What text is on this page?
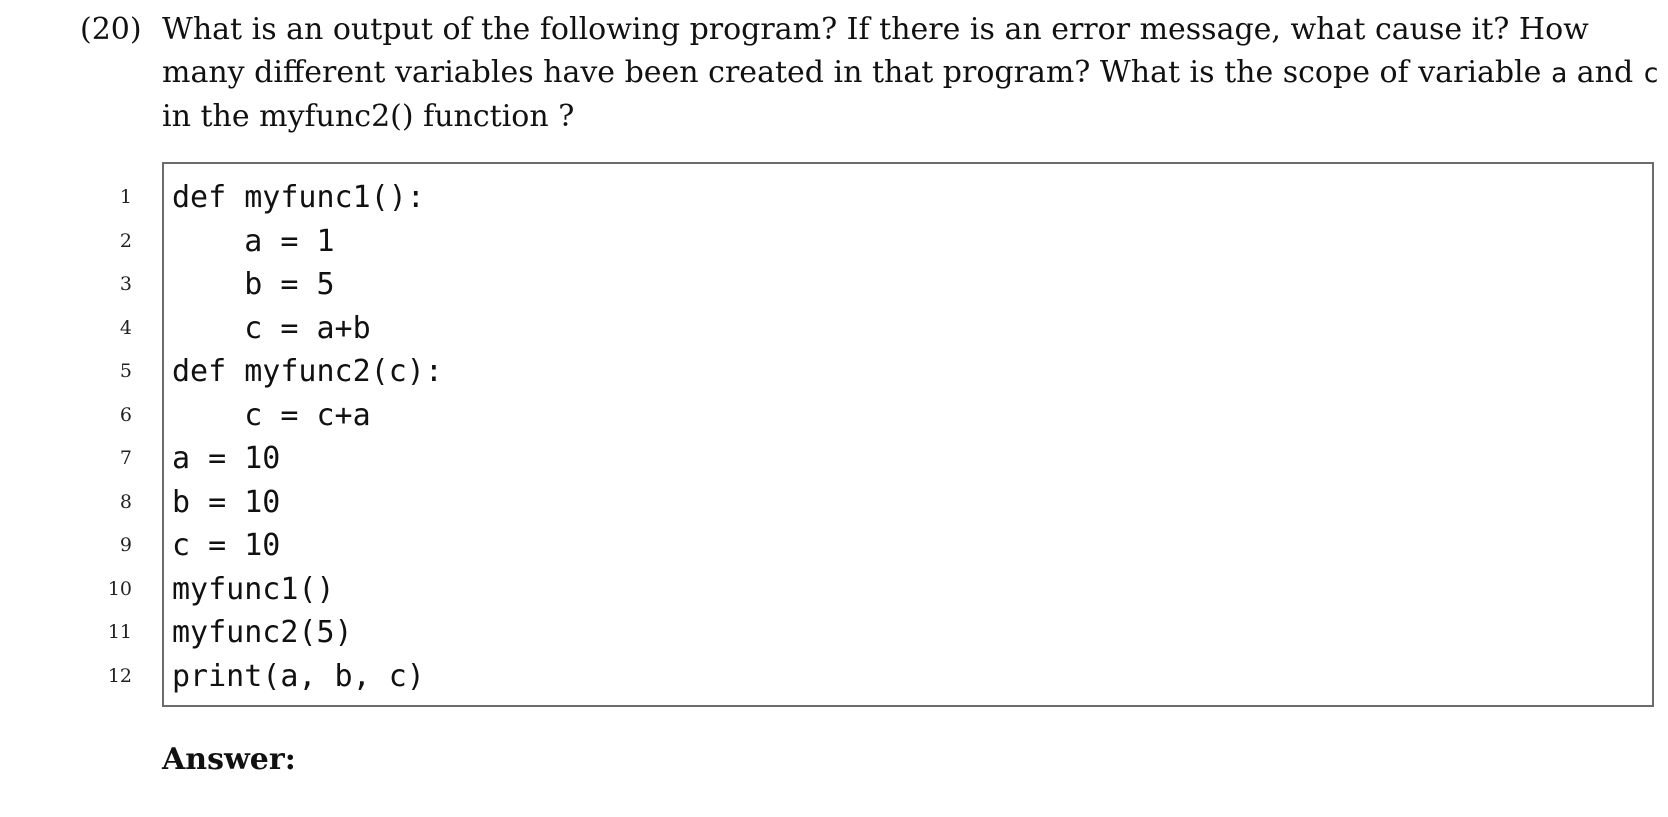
(20) What is an output of the following program? If there is an error message, what cause it? How many different variables have been created in that program? What is the scope of variable a and c in the myfunc2() function ?
1
2
3
4
5
6
7
8
9
10
11
12
def myfunc1():
a = 1
b = 5
c = a+b
def myfunc2(c):
c = c+a
a = 10
b = 10
c = 10
myfunc1()
myfunc2(5)
print(a, b, c)
Answer:
